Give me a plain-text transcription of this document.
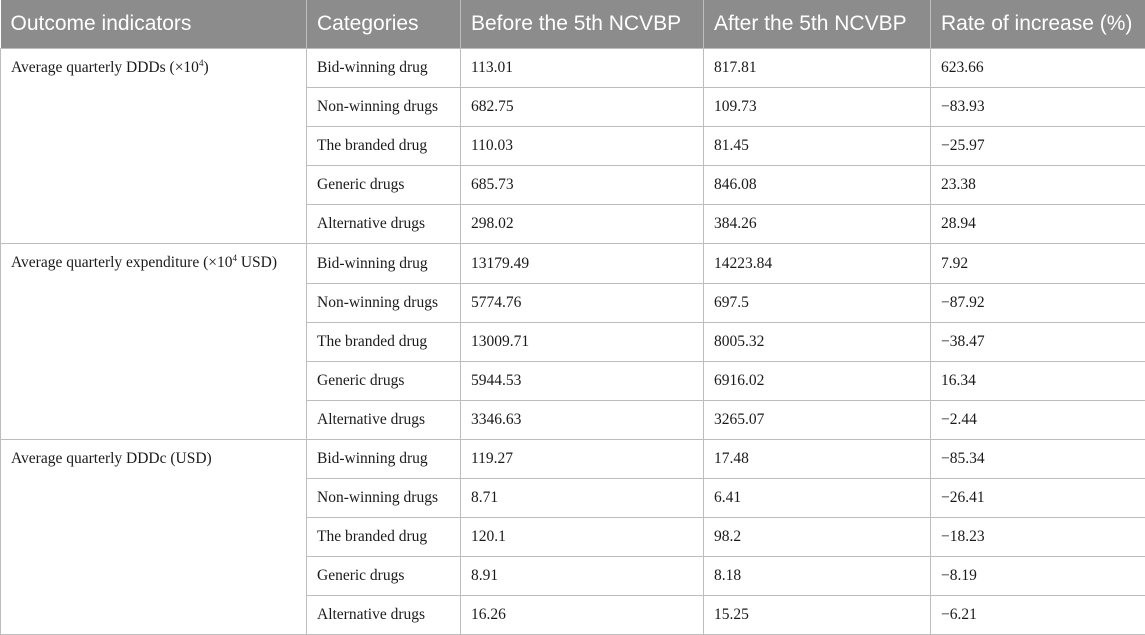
Outcome indicators	Categories	Before the 5th NCVBP	After the 5th NCVBP	Rate of increase (%)
Average quarterly DDDs $(\times 10^4)$	Bid-winning drug	113.01	817.81	623.66
	Non-winning drugs	682.75	109.73	−83.93
	The branded drug	110.03	81.45	−25.97
	Generic drugs	685.73	846.08	23.38
	Alternative drugs	298.02	384.26	28.94
Average quarterly expenditure ($\times 10^4$ USD)	Bid-winning drug	13179.49	14223.84	7.92
	Non-winning drugs	5774.76	697.5	−87.92
	The branded drug	13009.71	8005.32	−38.47
	Generic drugs	5944.53	6916.02	16.34
	Alternative drugs	3346.63	3265.07	−2.44
Average quarterly DDDc (USD)	Bid-winning drug	119.27	17.48	−85.34
	Non-winning drugs	8.71	6.41	−26.41
	The branded drug	120.1	98.2	−18.23
	Generic drugs	8.91	8.18	−8.19
	Alternative drugs	16.26	15.25	−6.21
